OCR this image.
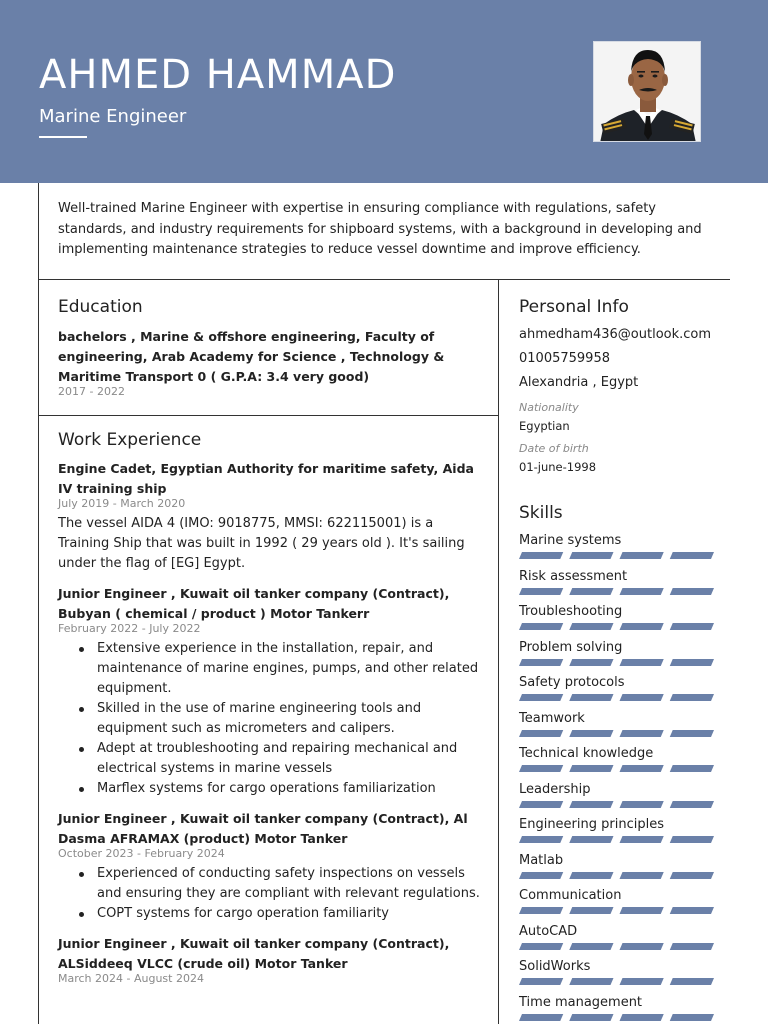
AHMED HAMMAD
Marine Engineer
Well-trained Marine Engineer with expertise in ensuring compliance with regulations, safety standards, and industry requirements for shipboard systems, with a background in developing and implementing maintenance strategies to reduce vessel downtime and improve efficiency.
Education
bachelors , Marine & offshore engineering, Faculty of engineering, Arab Academy for Science , Technology & Maritime Transport 0 ( G.P.A: 3.4 very good)
2017 - 2022
Work Experience
Engine Cadet, Egyptian Authority for maritime safety, Aida IV training ship
July 2019 - March 2020
The vessel AIDA 4 (IMO: 9018775, MMSI: 622115001) is a Training Ship that was built in 1992 ( 29 years old ). It's sailing under the flag of [EG] Egypt.
Junior Engineer , Kuwait oil tanker company (Contract), Bubyan ( chemical / product ) Motor Tankerr
February 2022 - July 2022
Extensive experience in the installation, repair, and maintenance of marine engines, pumps, and other related equipment.
Skilled in the use of marine engineering tools and equipment such as micrometers and calipers.
Adept at troubleshooting and repairing mechanical and electrical systems in marine vessels
Marflex systems for cargo operations familiarization
Junior Engineer , Kuwait oil tanker company (Contract), Al Dasma AFRAMAX (product) Motor Tanker
October 2023 - February 2024
Experienced of conducting safety inspections on vessels and ensuring they are compliant with relevant regulations.
COPT systems for cargo operation familiarity
Junior Engineer , Kuwait oil tanker company (Contract), ALSiddeeq VLCC (crude oil) Motor Tanker
March 2024 - August 2024
Personal Info
ahmedham436@outlook.com
01005759958
Alexandria , Egypt
Nationality
Egyptian
Date of birth
01-june-1998
Skills
Marine systems
Risk assessment
Troubleshooting
Problem solving
Safety protocols
Teamwork
Technical knowledge
Leadership
Engineering principles
Matlab
Communication
AutoCAD
SolidWorks
Time management
